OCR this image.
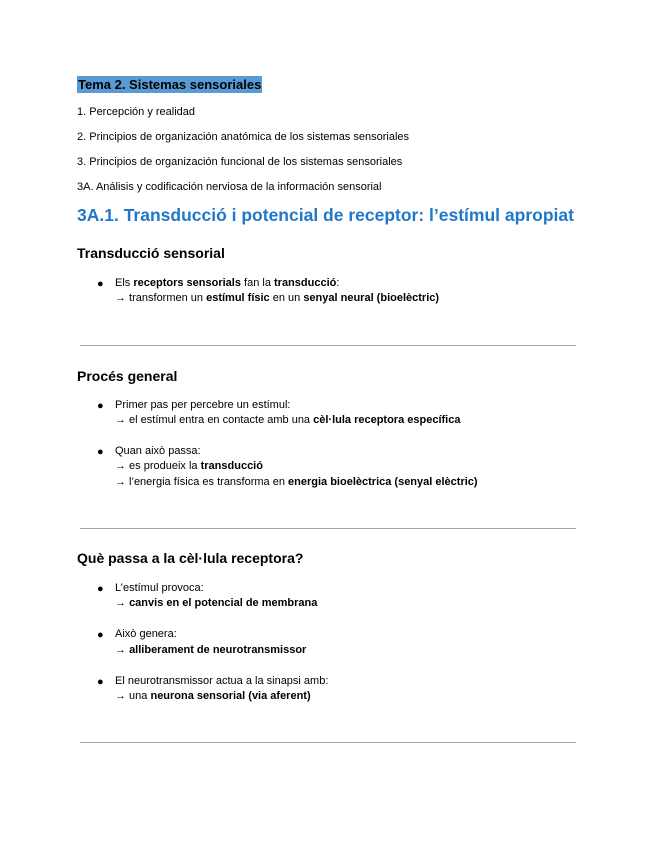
Tema 2. Sistemas sensoriales
1. Percepción y realidad
2. Principios de organización anatómica de los sistemas sensoriales
3. Principios de organización funcional de los sistemas sensoriales
3A. Análisis y codificación nerviosa de la información sensorial
3A.1. Transducció i potencial de receptor: l’estímul apropiat
Transducció sensorial
● Els receptors sensorials fan la transducció:
→ transformen un estímul físic en un senyal neural (bioelèctric)
Procés general
● Primer pas per percebre un estímul:
→ el estímul entra en contacte amb una cèl·lula receptora específica
● Quan això passa:
→ es produeix la transducció
→ l’energia física es transforma en energia bioelèctrica (senyal elèctric)
Què passa a la cèl·lula receptora?
● L’estímul provoca:
→ canvis en el potencial de membrana
● Això genera:
→ alliberament de neurotransmissor
● El neurotransmissor actua a la sinapsi amb:
→ una neurona sensorial (via aferent)
